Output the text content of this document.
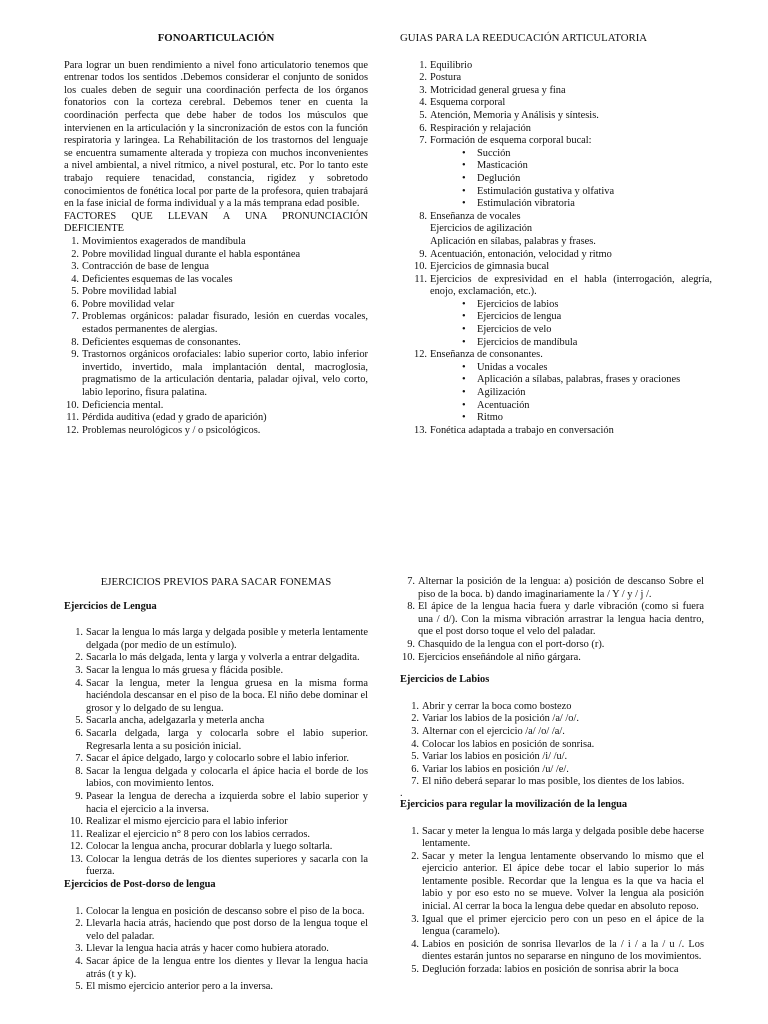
FONOARTICULACIÓN

Para lograr un buen rendimiento a nivel fono articulatorio tenemos que entrenar todos los sentidos .Debemos considerar el conjunto de sonidos los cuales deben de seguir una coordinación perfecta de los órganos fonatorios con la corteza cerebral. Debemos tener en cuenta la coordinación perfecta que debe haber de todos los músculos que intervienen en la articulación y la sincronización de estos con la función respiratoria y laringea. La Rehabilitación de los trastornos del lenguaje se encuentra sumamente alterada y tropieza con muchos inconvenientes a nivel ambiental, a nivel rítmico, a nivel postural, etc. Por lo tanto este trabajo requiere tenacidad, constancia, rigidez y sobretodo conocimientos de fonética local por parte de la profesora, quien trabajará en la fase inicial de forma individual y a la más temprana edad posible.

FACTORES QUE LLEVAN A UNA PRONUNCIACIÓN

DEFICIENTE

1. Movimientos exagerados de mandíbula
2. Pobre movilidad lingual durante el habla espontánea
3. Contracción de base de lengua
4. Deficientes esquemas de las vocales
5. Pobre movilidad labial
6. Pobre movilidad velar
7. Problemas orgánicos: paladar fisurado, lesión en cuerdas vocales, estados permanentes de alergias.
8. Deficientes esquemas de consonantes.
9. Trastornos orgánicos orofaciales: labio superior corto, labio inferior invertido, invertido, mala implantación dental, macroglosia, pragmatismo de la articulación dentaria, paladar ojival, velo corto, labio leporino, fisura palatina.
10. Deficiencia mental.
11. Pérdida auditiva (edad y grado de aparición)
12. Problemas neurológicos y / o psicológicos.
GUIAS PARA LA REEDUCACIÓN ARTICULATORIA
1. Equilibrio
2. Postura
3. Motricidad general gruesa y fina
4. Esquema corporal
5. Atención, Memoria y Análisis y síntesis.
6. Respiración y relajación
7. Formación de esquema corporal bucal:
• Succión
• Masticación
• Deglución
• Estimulación gustativa y olfativa
• Estimulación vibratoria
8. Enseñanza de vocales
Ejercicios de agilización
Aplicación en sílabas, palabras y frases.
9. Acentuación, entonación, velocidad y ritmo
10. Ejercicios de gimnasia bucal
11. Ejercicios de expresividad en el habla (interrogación, alegría, enojo, exclamación, etc.).
• Ejercicios de labios
• Ejercicios de lengua
• Ejercicios de velo
• Ejercicios de mandíbula
12. Enseñanza de consonantes.
• Unidas a vocales
• Aplicación a sílabas, palabras, frases y oraciones
• Agilización
• Acentuación
• Ritmo
13. Fonética adaptada a trabajo en conversación
EJERCICIOS PREVIOS PARA SACAR FONEMAS
Ejercicios de Lengua
1. Sacar la lengua lo más larga y delgada posible y meterla lentamente delgada (por medio de un estímulo).
2. Sacarla lo más delgada, lenta y larga y volverla a entrar delgadita.
3. Sacar la lengua lo más gruesa y flácida posible.
4. Sacar la lengua, meter la lengua gruesa en la misma forma haciéndola descansar en el piso de la boca. El niño debe dominar el grosor y lo delgado de su lengua.
5. Sacarla ancha, adelgazarla y meterla ancha
6. Sacarla delgada, larga y colocarla sobre el labio superior. Regresarla lenta a su posición inicial.
7. Sacar el ápice delgado, largo y colocarlo sobre el labio inferior.
8. Sacar la lengua delgada y colocarla el ápice hacia el borde de los labios, con movimiento lentos.
9. Pasear la lengua de derecha a izquierda sobre el labio superior y hacia el ejercicio a la inversa.
10. Realizar el mismo ejercicio para el labio inferior
11. Realizar el ejercicio n° 8 pero con los labios cerrados.
12. Colocar la lengua ancha, procurar doblarla y luego soltarla.
13. Colocar la lengua detrás de los dientes superiores y sacarla con la fuerza.
Ejercicios de Post-dorso de lengua
1. Colocar la lengua en posición de descanso sobre el piso de la boca.
2. Llevarla hacia atrás, haciendo que post dorso de la lengua toque el velo del paladar.
3. Llevar la lengua hacia atrás y hacer como hubiera atorado.
4. Sacar ápice de la lengua entre los dientes y llevar la lengua hacia atrás (t y k).
5. El mismo ejercicio anterior pero a la inversa.
7. Alternar la posición de la lengua: a) posición de descanso Sobre el piso de la boca. b) dando imaginariamente la / Y / y / j /.
8. El ápice de la lengua hacia fuera y darle vibración (como si fuera una / d/). Con la misma vibración arrastrar la lengua hacia dentro, que el post dorso toque el velo del paladar.
9. Chasquido de la lengua con el port-dorso (r).
10. Ejercicios enseñándole al niño gárgara.
Ejercicios de Labios
1. Abrir y cerrar la boca como bostezo
2. Variar los labios de la posición /a/ /o/.
3. Alternar con el ejercicio /a/ /o/ /a/.
4. Colocar los labios en posición de sonrisa.
5. Variar los labios en posición /i/ /u/.
6. Variar los labios en posición /u/ /e/.
7. El niño deberá separar lo mas posible, los dientes de los labios.
.
Ejercicios para regular la movilización de la lengua
1. Sacar y meter la lengua lo más larga y delgada posible debe hacerse lentamente.
2. Sacar y meter la lengua lentamente observando lo mismo que el ejercicio anterior. El ápice debe tocar el labio superior lo más lentamente posible. Recordar que la lengua es la que va hacia el labio y por eso esto no se mueve. Volver la lengua ala posición inicial. Al cerrar la boca la lengua debe quedar en absoluto reposo.
3. Igual que el primer ejercicio pero con un peso en el ápice de la lengua (caramelo).
4. Labios en posición de sonrisa llevarlos de la / i / a la / u /. Los dientes estarán juntos no separarse en ninguno de los movimientos.
5. Deglución forzada: labios en posición de sonrisa abrir la boca
